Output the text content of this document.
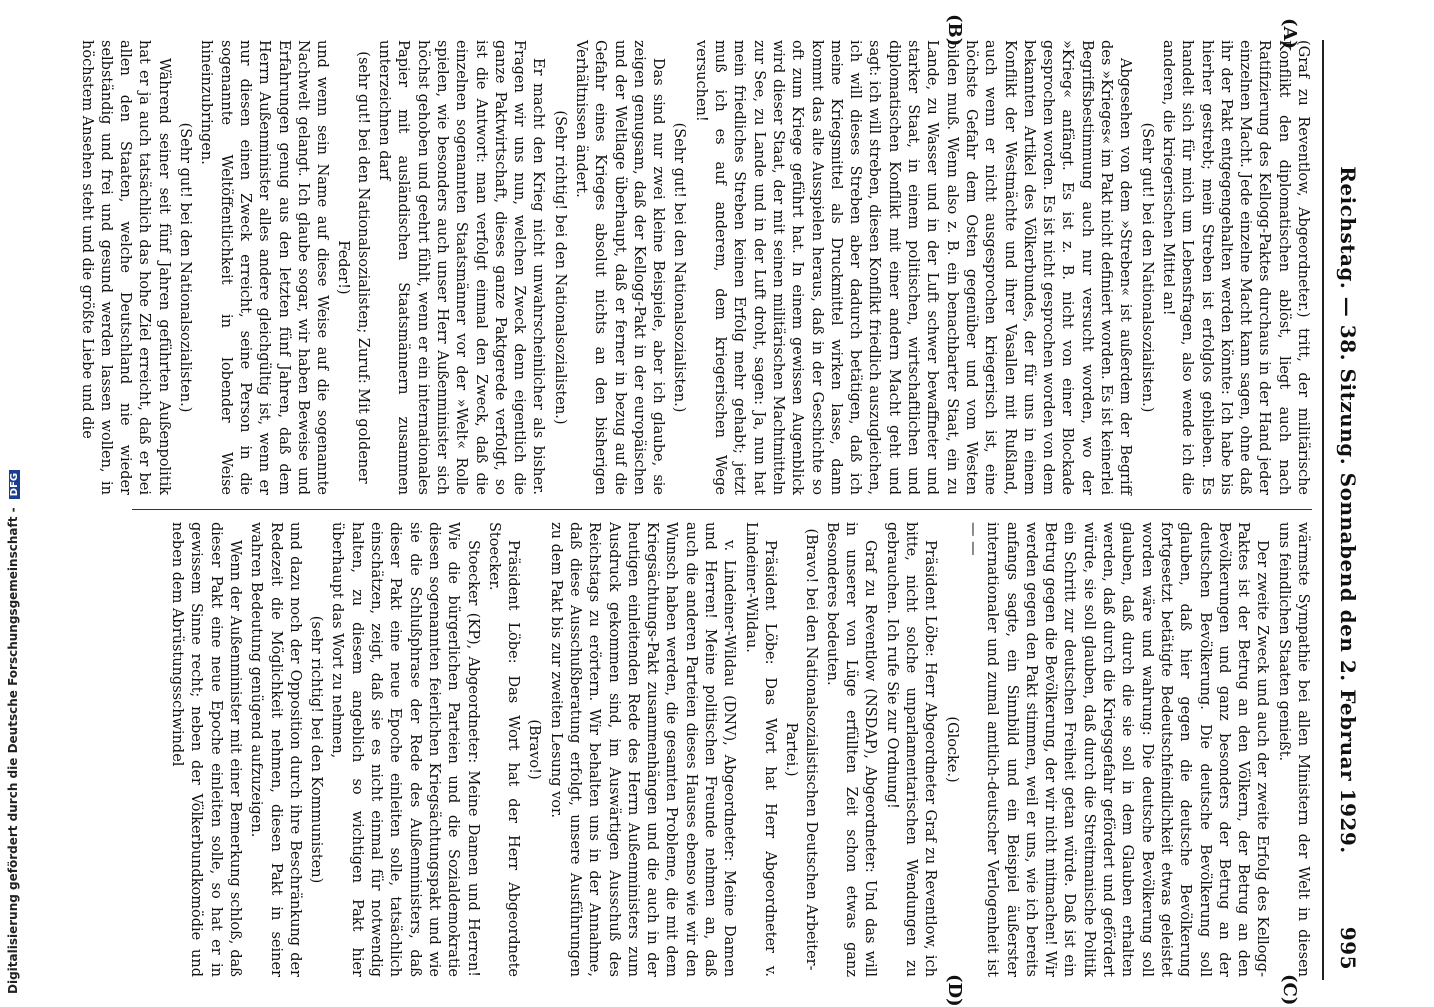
Reichstag. — 38. Sitzung. Sonnabend den 2. Februar 1929.
995
(A)
(B)
(C)
(D)

(Graf zu Reventlow, Abgeordneter.) tritt, der militärische Konflikt den diplomatischen ablöst, liegt auch nach Ratifizierung des Kellogg-Paktes durchaus in der Hand jeder einzelnen Macht. Jede einzelne Macht kann sagen, ohne daß ihr der Pakt entgegengehalten werden könnte: Ich habe bis hierher gestrebt; mein Streben ist erfolglos geblieben. Es handelt sich für mich um Lebensfragen, also wende ich die anderen, die kriegerischen Mittel an!

(Sehr gut! bei den Nationalsozialisten.)

Abgesehen von dem »Streben« ist außerdem der Begriff des »Krieges« im Pakt nicht definiert worden. Es ist keinerlei Begriffsbestimmung auch nur versucht worden, wo der »Krieg« anfängt. Es ist z. B. nicht von einer Blockade gesprochen worden. Es ist nicht gesprochen worden von dem bekannten Artikel des Völkerbundes, der für uns in einem Konflikt der Westmächte und ihrer Vasallen mit Rußland, auch wenn er nicht ausgesprochen kriegerisch ist, eine höchste Gefahr dem Osten gegenüber und vom Westen bilden muß. Wenn also z. B. ein benachbarter Staat, ein zu Lande, zu Wasser und in der Luft schwer bewaffneter und starker Staat, in einem politischen, wirtschaftlichen und diplomatischen Konflikt mit einer andern Macht geht und sagt: ich will streben, diesen Konflikt friedlich auszugleichen, ich will dieses Streben aber dadurch betätigen, daß ich meine Kriegsmittel als Druckmittel wirken lasse, dann kommt das alte Ausspielen heraus, daß in der Geschichte so oft zum Kriege geführt hat. In einem gewissen Augenblick wird dieser Staat, der mit seinen militärischen Machtmitteln zur See, zu Lande und in der Luft droht, sagen: Ja, nun hat mein friedliches Streben keinen Erfolg mehr gehabt; jetzt muß ich es auf anderem, dem kriegerischen Wege versuchen!

(Sehr gut! bei den Nationalsozialisten.)

Das sind nur zwei kleine Beispiele, aber ich glaube, sie zeigen genugsam, daß der Kellogg-Pakt in der europäischen und der Weltlage überhaupt, daß er ferner in bezug auf die Gefahr eines Krieges absolut nichts an den bisherigen Verhältnissen ändert.

(Sehr richtig! bei den Nationalsozialisten.)

Er macht den Krieg nicht unwahrscheinlicher als bisher. Fragen wir uns nun, welchen Zweck denn eigentlich die ganze Paktwirtschaft, dieses ganze Paktgerede verfolgt, so ist die Antwort: man verfolgt einmal den Zweck, daß die einzelnen sogenannten Staatsmänner vor der »Welt« Rolle spielen, wie besonders auch unser Herr Außenminister sich höchst gehoben und geehrt fühlt, wenn er ein internationales Papier mit ausländischen Staatsmännern zusammen unterzeichnen darf

(sehr gut! bei den Nationalsozialisten; Zuruf: Mit goldener Feder!)

und wenn sein Name auf diese Weise auf die sogenannte Nachwelt gelangt. Ich glaube sogar, wir haben Beweise und Erfahrungen genug aus den letzten fünf Jahren, daß dem Herrn Außenminister alles andere gleichgültig ist, wenn er nur diesen einen Zweck erreicht, seine Person in die sogenannte Weltöffentlichkeit in lobender Weise hineinzubringen.

(Sehr gut! bei den Nationalsozialisten.)

Während seiner seit fünf Jahren geführten Außenpolitik hat er ja auch tatsächlich das hohe Ziel erreicht, daß er bei allen den Staaten, welche Deutschland nie wieder selbständig und frei und gesund werden lassen wollen, in höchstem Ansehen steht und die größte Liebe und die

wärmste Sympathie bei allen Ministern der Welt in diesen uns feindlichen Staaten genießt.

Der zweite Zweck und auch der zweite Erfolg des Kellogg-Paktes ist der Betrug an den Völkern, der Betrug an den Bevölkerungen und ganz besonders der Betrug an der deutschen Bevölkerung. Die deutsche Bevölkerung soll glauben, daß hier gegen die deutsche Bevölkerung fortgesetzt betätigte Bedeutschfeindlichkeit etwas geleistet worden wäre und wahrung: Die deutsche Bevölkerung soll glauben, daß durch die sie soll in dem Glauben erhalten werden, daß durch die Kriegsgefahr gefördert und gefördert würde, sie soll glauben, daß durch die Streitmanische Politik ein Schritt zur deutschen Freiheit getan würde. Daß ist ein Betrug gegen die Bevölkerung, der wir nicht mitmachen! Wir werden gegen den Pakt stimmen, weil er uns, wie ich bereits anfangs sagte, ein Sinnbild und ein Beispiel äußerster internationaler und zumal amtlich-deutscher Verlogenheit ist — —

(Glocke.)

Präsident Löbe: Herr Abgeordneter Graf zu Reventlow, ich bitte, nicht solche unparlamentarischen Wendungen zu gebrauchen. Ich rufe Sie zur Ordnung!

Graf zu Reventlow (NSDAP), Abgeordneter: Und das will in unserer von Lüge erfüllten Zeit schon etwas ganz Besonderes bedeuten.

(Bravo! bei den Nationalsozialistischen Deutschen Arbeiter-Partei.)

Präsident Löbe: Das Wort hat Herr Abgeordneter v. Lindeiner-Wildau.

v. Lindeiner-Wildau (DNV), Abgeordneter: Meine Damen und Herren! Meine politischen Freunde nehmen an, daß auch die anderen Parteien dieses Hauses ebenso wie wir den Wunsch haben werden, die gesamten Probleme, die mit dem Kriegsächtungs-Pakt zusammenhängen und die auch in der heutigen einleitenden Rede des Herrn Außenministers zum Ausdruck gekommen sind, im Auswärtigen Ausschuß des Reichstags zu erörtern. Wir behalten uns in der Annahme, daß diese Ausschußberatung erfolgt, unsere Ausführungen zu dem Pakt bis zur zweiten Lesung vor.

(Bravo!)

Präsident Löbe: Das Wort hat der Herr Abgeordnete Stoecker.

Stoecker (KP), Abgeordneter: Meine Damen und Herren! Wie die bürgerlichen Parteien und die Sozialdemokratie diesen sogenannten feierlichen Kriegsächtungspakt und wie sie die Schlußphrase der Rede des Außenministers, daß dieser Pakt eine neue Epoche einleiten solle, tatsächlich einschätzen, zeigt, daß sie es nicht einmal für notwendig halten, zu diesem angeblich so wichtigen Pakt hier überhaupt das Wort zu nehmen,

(sehr richtig! bei den Kommunisten)

und dazu noch der Opposition durch ihre Beschränkung der Redezeit die Möglichkeit nehmen, diesen Pakt in seiner wahren Bedeutung genügend aufzuzeigen.

Wenn der Außenminister mit einer Bemerkung schloß, daß dieser Pakt eine neue Epoche einleiten solle, so hat er in gewissem Sinne recht; neben der Völkerbundkomödie und neben dem Abrüstungsschwindel

Digitalisierung gefördert durch die Deutsche Forschungsgemeinschaft - DFG
